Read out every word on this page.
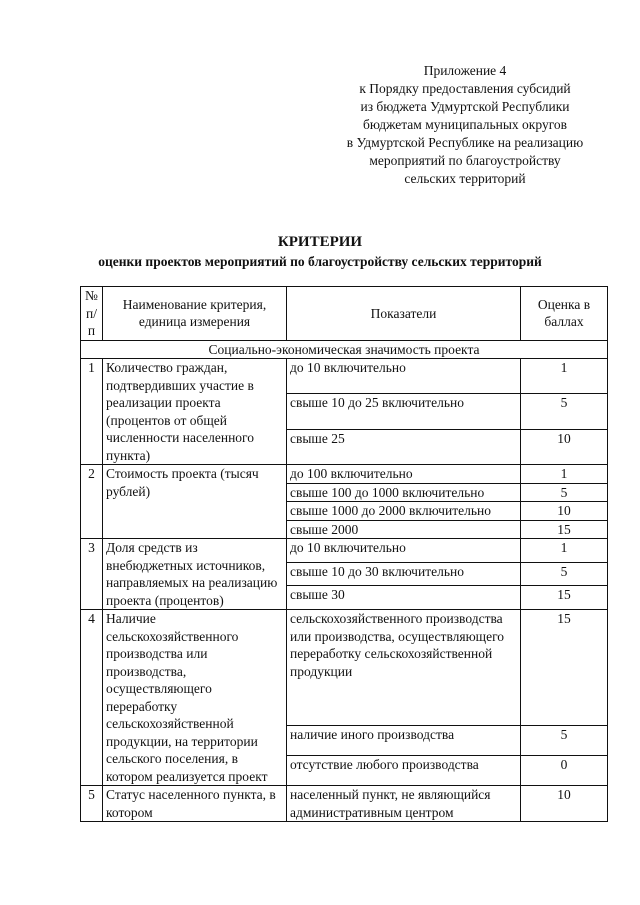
Приложение 4
к Порядку предоставления субсидий
из бюджета Удмуртской Республики
бюджетам муниципальных округов
в Удмуртской Республике на реализацию
мероприятий по благоустройству
сельских территорий
КРИТЕРИИ
оценки проектов мероприятий по благоустройству сельских территорий
№ п/п	Наименование критерия, единица измерения	Показатели	Оценка в баллах
Социально-экономическая значимость проекта			
1	Количество граждан, подтвердивших участие в реализации проекта (процентов от общей численности населенного пункта)	до 10 включительно	1
		свыше 10 до 25 включительно	5
		свыше 25	10
2	Стоимость проекта (тысяч рублей)	до 100 включительно	1
		свыше 100 до 1000 включительно	5
		свыше 1000 до 2000 включительно	10
		свыше 2000	15
3	Доля средств из внебюджетных источников, направляемых на реализацию проекта (процентов)	до 10 включительно	1
		свыше 10 до 30 включительно	5
		свыше 30	15
4	Наличие сельскохозяйственного производства или производства, осуществляющего переработку сельскохозяйственной продукции, на территории сельского поселения, в котором реализуется проект	сельскохозяйственного производства или производства, осуществляющего переработку сельскохозяйственной продукции	15
		наличие иного производства	5
		отсутствие любого производства	0
5	Статус населенного пункта, в котором	населенный пункт, не являющийся административным центром	10
